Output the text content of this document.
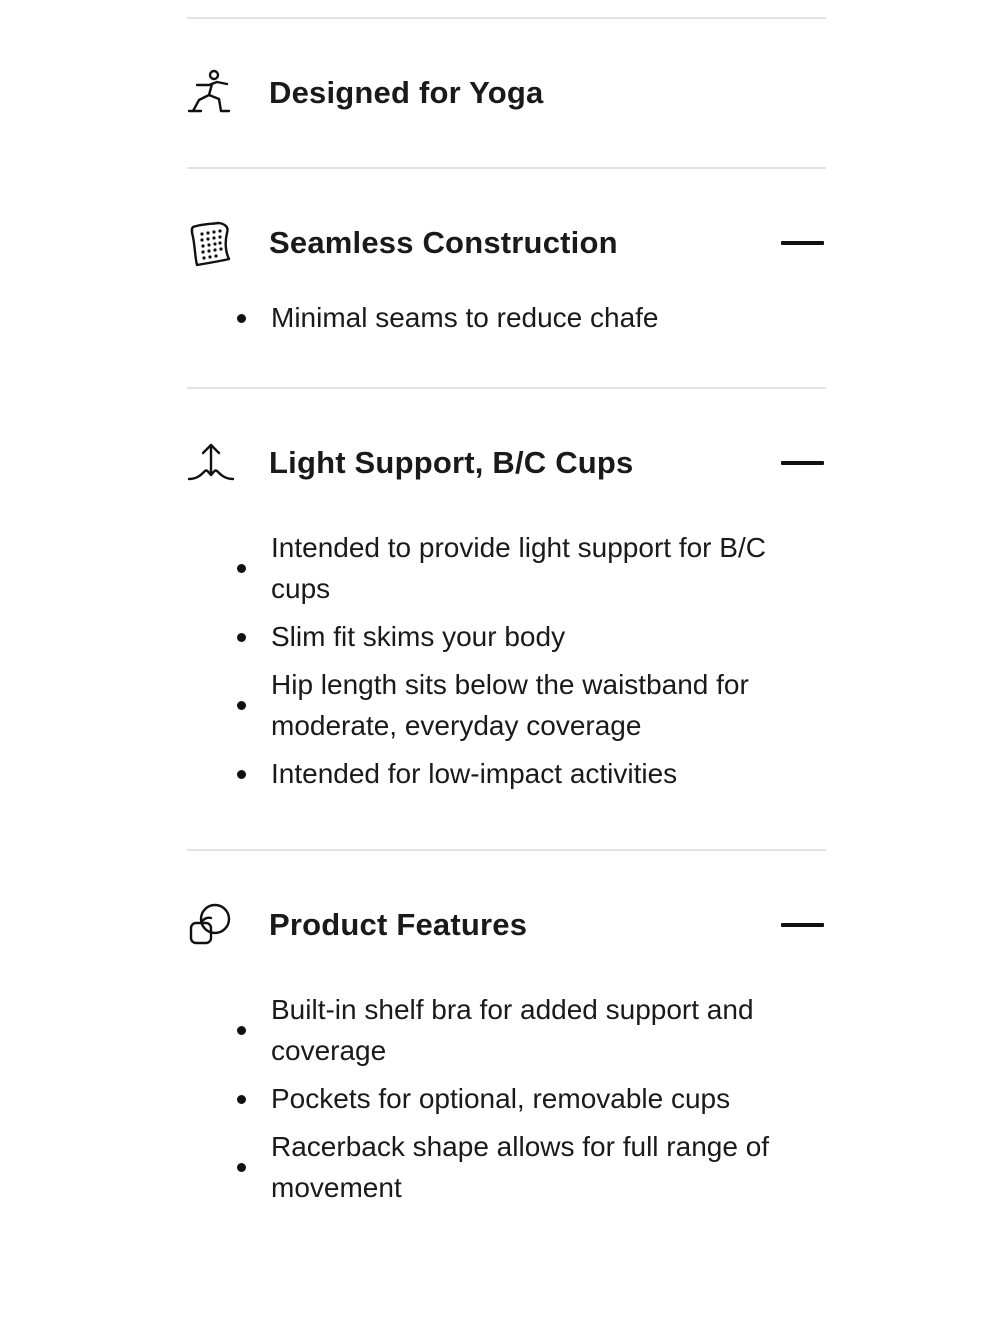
Designed for Yoga
Seamless Construction
Minimal seams to reduce chafe
Light Support, B/C Cups
Intended to provide light support for B/C cups
Slim fit skims your body
Hip length sits below the waistband for moderate, everyday coverage
Intended for low-impact activities
Product Features
Built-in shelf bra for added support and coverage
Pockets for optional, removable cups
Racerback shape allows for full range of movement
